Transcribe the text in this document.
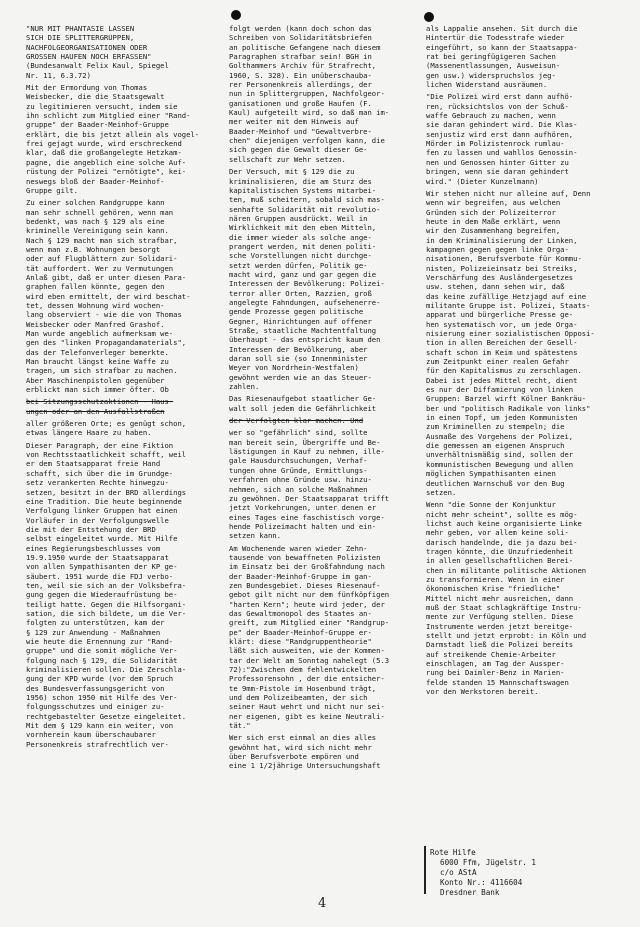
"NUR MIT PHANTASIE LASSEN
SICH DIE SPLITTERGRUPPEN,
NACHFOLGEORGANISATIONEN ODER
GROSSEN HAUFEN NOCH ERFASSEN"
(Bundesanwalt Felix Kaul, Spiegel
Nr. 11, 6.3.72)
Mit der Ermordung von Thomas
Weisbecker, die die Staatsgewalt
zu legitimieren versucht, indem sie
ihn schlicht zum Mitglied einer "Rand-
gruppe" der Baader-Meinhof-Gruppe
erklärt, die bis jetzt allein als vogel-
frei gejagt wurde, wird erschreckend
klar, daß die großangelegte Hetzkam-
pagne, die angeblich eine solche Auf-
rüstung der Polizei "ernötigte", kei-
neswegs bloß der Baader-Meinhof-
Gruppe gilt.
Zu einer solchen Randgruppe kann
man sehr schnell gehören, wenn man
bedenkt, was nach § 129 als eine
kriminelle Vereinigung sein kann.
Nach § 129 macht man sich strafbar,
wenn man z.B. Wohnungen besorgt
oder auf Flugblättern zur Solidari-
tät auffordert. Wer zu Vermutungen
Anlaß gibt, daß er unter diesen Para-
graphen fallen könnte, gegen den
wird eben ermittelt, der wird beschat-
tet, dessen Wohnung wird wochen-
lang observiert - wie die von Thomas
Weisbecker oder Manfred Grashof.
Man wurde angeblich aufmerksam we-
gen des "linken Propagandamaterials",
das der Telefonverleger bemerkte.
Man braucht längst keine Waffe zu
tragen, um sich strafbar zu machen.
Aber Maschinenpistolen gegenüber
erblickt man sich immer öfter. Ob
bei Sitzungsschutzaktionen - Haus-
ungen oder an den Ausfallstraßen
aller größeren Orte; es genügt schon,
etwas längere Haare zu haben.
Dieser Paragraph, der eine Fiktion
von Rechtsstaatlichkeit schafft, weil
er dem Staatsapparat freie Hand
schafft, sich über die im Grundge-
setz verankerten Rechte hinwegzu-
setzen, besitzt in der BRD allerdings
eine Tradition. Die heute beginnende
Verfolgung linker Gruppen hat einen
Vorläufer in der Verfolgungswelle
die mit der Entstehung der BRD
selbst eingeleitet wurde. Mit Hilfe
eines Regierungsbeschlusses vom
19.9.1950 wurde der Staatsapparat
von allen Sympathisanten der KP ge-
säubert. 1951 wurde die FDJ verbo-
ten, weil sie sich an der Volksbefra-
gung gegen die Wiederaufrüstung be-
teiligt hatte. Gegen die Hilfsorgani-
sation, die sich bildete, um die Ver-
folgten zu unterstützen, kam der
§ 129 zur Anwendung - Maßnahmen
wie heute die Ernennung zur "Rand-
gruppe" und die somit mögliche Ver-
folgung nach § 129, die Solidarität
kriminalisieren sollen. Die Zerschla-
gung der KPD wurde (vor dem Spruch
des Bundesverfassungsgericht von
1956) schon 1950 mit Hilfe des Ver-
folgungsschutzes und einiger zu-
rechtgebastelter Gesetze eingeleitet.
Mit dem § 129 kann ein weiter, von
vornherein kaum überschaubarer
Personenkreis strafrechtlich ver-
folgt werden (kann doch schon das
Schreiben von Solidaritätsbriefen
an politische Gefangene nach diesem
Paragraphen strafbar sein! BGH in
Golthammers Archiv für Strafrecht,
1960, S. 328). Ein unüberschauba-
rer Personenkreis allerdings, der
nun in Splittergruppen, Nachfolgeor-
ganisationen und große Haufen (F.
Kaul) aufgeteilt wird, so daß man im-
mer weiter mit dem Hinweis auf
Baader-Meinhof und "Gewaltverbre-
chen" diejenigen verfolgen kann, die
sich gegen die Gewalt dieser Ge-
sellschaft zur Wehr setzen.
Der Versuch, mit § 129 die zu
kriminalisieren, die am Sturz des
kapitalistischen Systems mitarbei-
ten, muß scheitern, sobald sich mas-
senhafte Solidarität mit revolutio-
nären Gruppen ausdrückt. Weil in
Wirklichkeit mit den eben Mitteln,
die immer wieder als solche ange-
prangert werden, mit denen politi-
sche Vorstellungen nicht durchge-
setzt werden dürfen, Politik ge-
macht wird, ganz und gar gegen die
Interessen der Bevölkerung: Polizei-
terror aller Orten, Razzien, groß
angelegte Fahndungen, aufsehenerre-
gende Prozesse gegen politische
Gegner, Hinrichtungen auf offener
Straße, staatliche Machtentfaltung
überhaupt - das entspricht kaum den
Interessen der Bevölkerung, aber
daran soll sie (so Innenminister
Weyer von Nordrhein-Westfalen)
gewöhnt werden wie an das Steuer-
zahlen.
Das Riesenaufgebot staatlicher Ge-
walt soll jedem die Gefährlichkeit
der Verfolgten klar machen. Und
wer so "gefährlich" sind, sollte
man bereit sein, Übergriffe und Be-
lästigungen in Kauf zu nehmen, ille-
gale Hausdurchsuchungen, Verhaf-
tungen ohne Gründe, Ermittlungs-
verfahren ohne Gründe usw. hinzu-
nehmen, sich an solche Maßnahmen
zu gewöhnen. Der Staatsapparat trifft
jetzt Vorkehrungen, unter denen er
eines Tages eine faschistisch vorge-
hende Polizeimacht halten und ein-
setzen kann.
Am Wochenende waren wieder Zehn-
tausende von bewaffneten Polizisten
im Einsatz bei der Großfahndung nach
der Baader-Meinhof-Gruppe im gan-
zen Bundesgebiet. Dieses Riesenauf-
gebot gilt nicht nur dem fünfköpfigen
"harten Kern"; heute wird jeder, der
das Gewaltmonopol des Staates an-
greift, zum Mitglied einer "Randgrup-
pe" der Baader-Meinhof-Gruppe er-
klärt: diese "Randgruppentheorie"
läßt sich ausweiten, wie der Kommen-
tar der Welt am Sonntag nahelegt (5.3
72):"Zwischen dem fehlentwickelten
Professorensohn , der die entsicher-
te 9mm-Pistole im Hosenbund trägt,
und dem Polizeibeamten, der sich
seiner Haut wehrt und nicht nur sei-
ner eigenen, gibt es keine Neutrali-
tät."
Wer sich erst einmal an dies alles
gewöhnt hat, wird sich nicht mehr
über Berufsverbote empören und
eine 1 1/2jährige Untersuchungshaft
als Lappalie ansehen. Sit durch die
Hintertür die Todesstrafe wieder
eingeführt, so kann der Staatsappa-
rat bei geringfügigeren Sachen
(Massenentlassungen, Ausweisun-
gen usw.) widerspruchslos jeg-
lichen Widerstand ausräumen.
"Die Polizei wird erst dann aufhö-
ren, rücksichtslos von der Schuß-
waffe Gebrauch zu machen, wenn
sie daran gehindert wird. Die Klas-
senjustiz wird erst dann aufhören,
Mörder im Polizistenrock rumlau-
fen zu lassen und wahllos Genossin-
nen und Genossen hinter Gitter zu
bringen, wenn sie daran gehindert
wird." (Dieter Kunzelmann)
Wir stehen nicht nur alleine auf, Denn
wenn wir begreifen, aus welchen
Gründen sich der Polizeiterror
heute in dem Maße erklärt, wenn
wir den Zusammenhang begreifen,
in dem Kriminalisierung der Linken,
kampagnen gegen gegen linke Orga-
nisationen, Berufsverbote für Kommu-
nisten, Polizeieinsatz bei Streiks,
Verschärfung des Ausländergesetzes
usw. stehen, dann sehen wir, daß
das keine zufällige Hetzjagd auf eine
militante Gruppe ist. Polizei, Staats-
apparat und bürgerliche Presse ge-
hen systematisch vor, um jede Orga-
nisierung einer sozialistischen Opposi-
tion in allen Bereichen der Gesell-
schaft schon im Keim und spätestens
zum Zeitpunkt einer realen Gefahr
für den Kapitalismus zu zerschlagen.
Dabei ist jedes Mittel recht, dient
es nur der Diffamierung von linken
Gruppen: Barzel wirft Kölner Bankräu-
ber und "politisch Radikale von links"
in einen Topf, um jeden Kommunisten
zum Kriminellen zu stempeln; die
Ausmaße des Vorgehens der Polizei,
die gemessen am eigenen Anspruch
unverhältnismäßig sind, sollen der
kommunistischen Bewegung und allen
möglichen Sympathisanten einen
deutlichen Warnschuß vor den Bug
setzen.
Wenn "die Sonne der Konjunktur
nicht mehr scheint", sollte es mög-
lichst auch keine organisierte Linke
mehr geben, vor allem keine soli-
darisch handelnde, die ja dazu bei-
tragen könnte, die Unzufriedenheit
in allen gesellschaftlichen Berei-
chen in militante politische Aktionen
zu transformieren. Wenn in einer
ökonomischen Krise "friedliche"
Mittel nicht mehr ausreichen, dann
muß der Staat schlagkräftige Instru-
mente zur Verfügung stellen. Diese
Instrumente werden jetzt bereitge-
stellt und jetzt erprobt: in Köln und
Darmstadt ließ die Polizei bereits
auf streikende Chemie-Arbeiter
einschlagen, am Tag der Aussper-
rung bei Daimler-Benz in Marien-
felde standen 15 Mannschaftswagen
vor den Werkstoren bereit.
Rote Hilfe
6000 Ffm, Jügelstr. 1
c/o AStA
Konto Nr.: 4116604
Dresdner Bank
4
